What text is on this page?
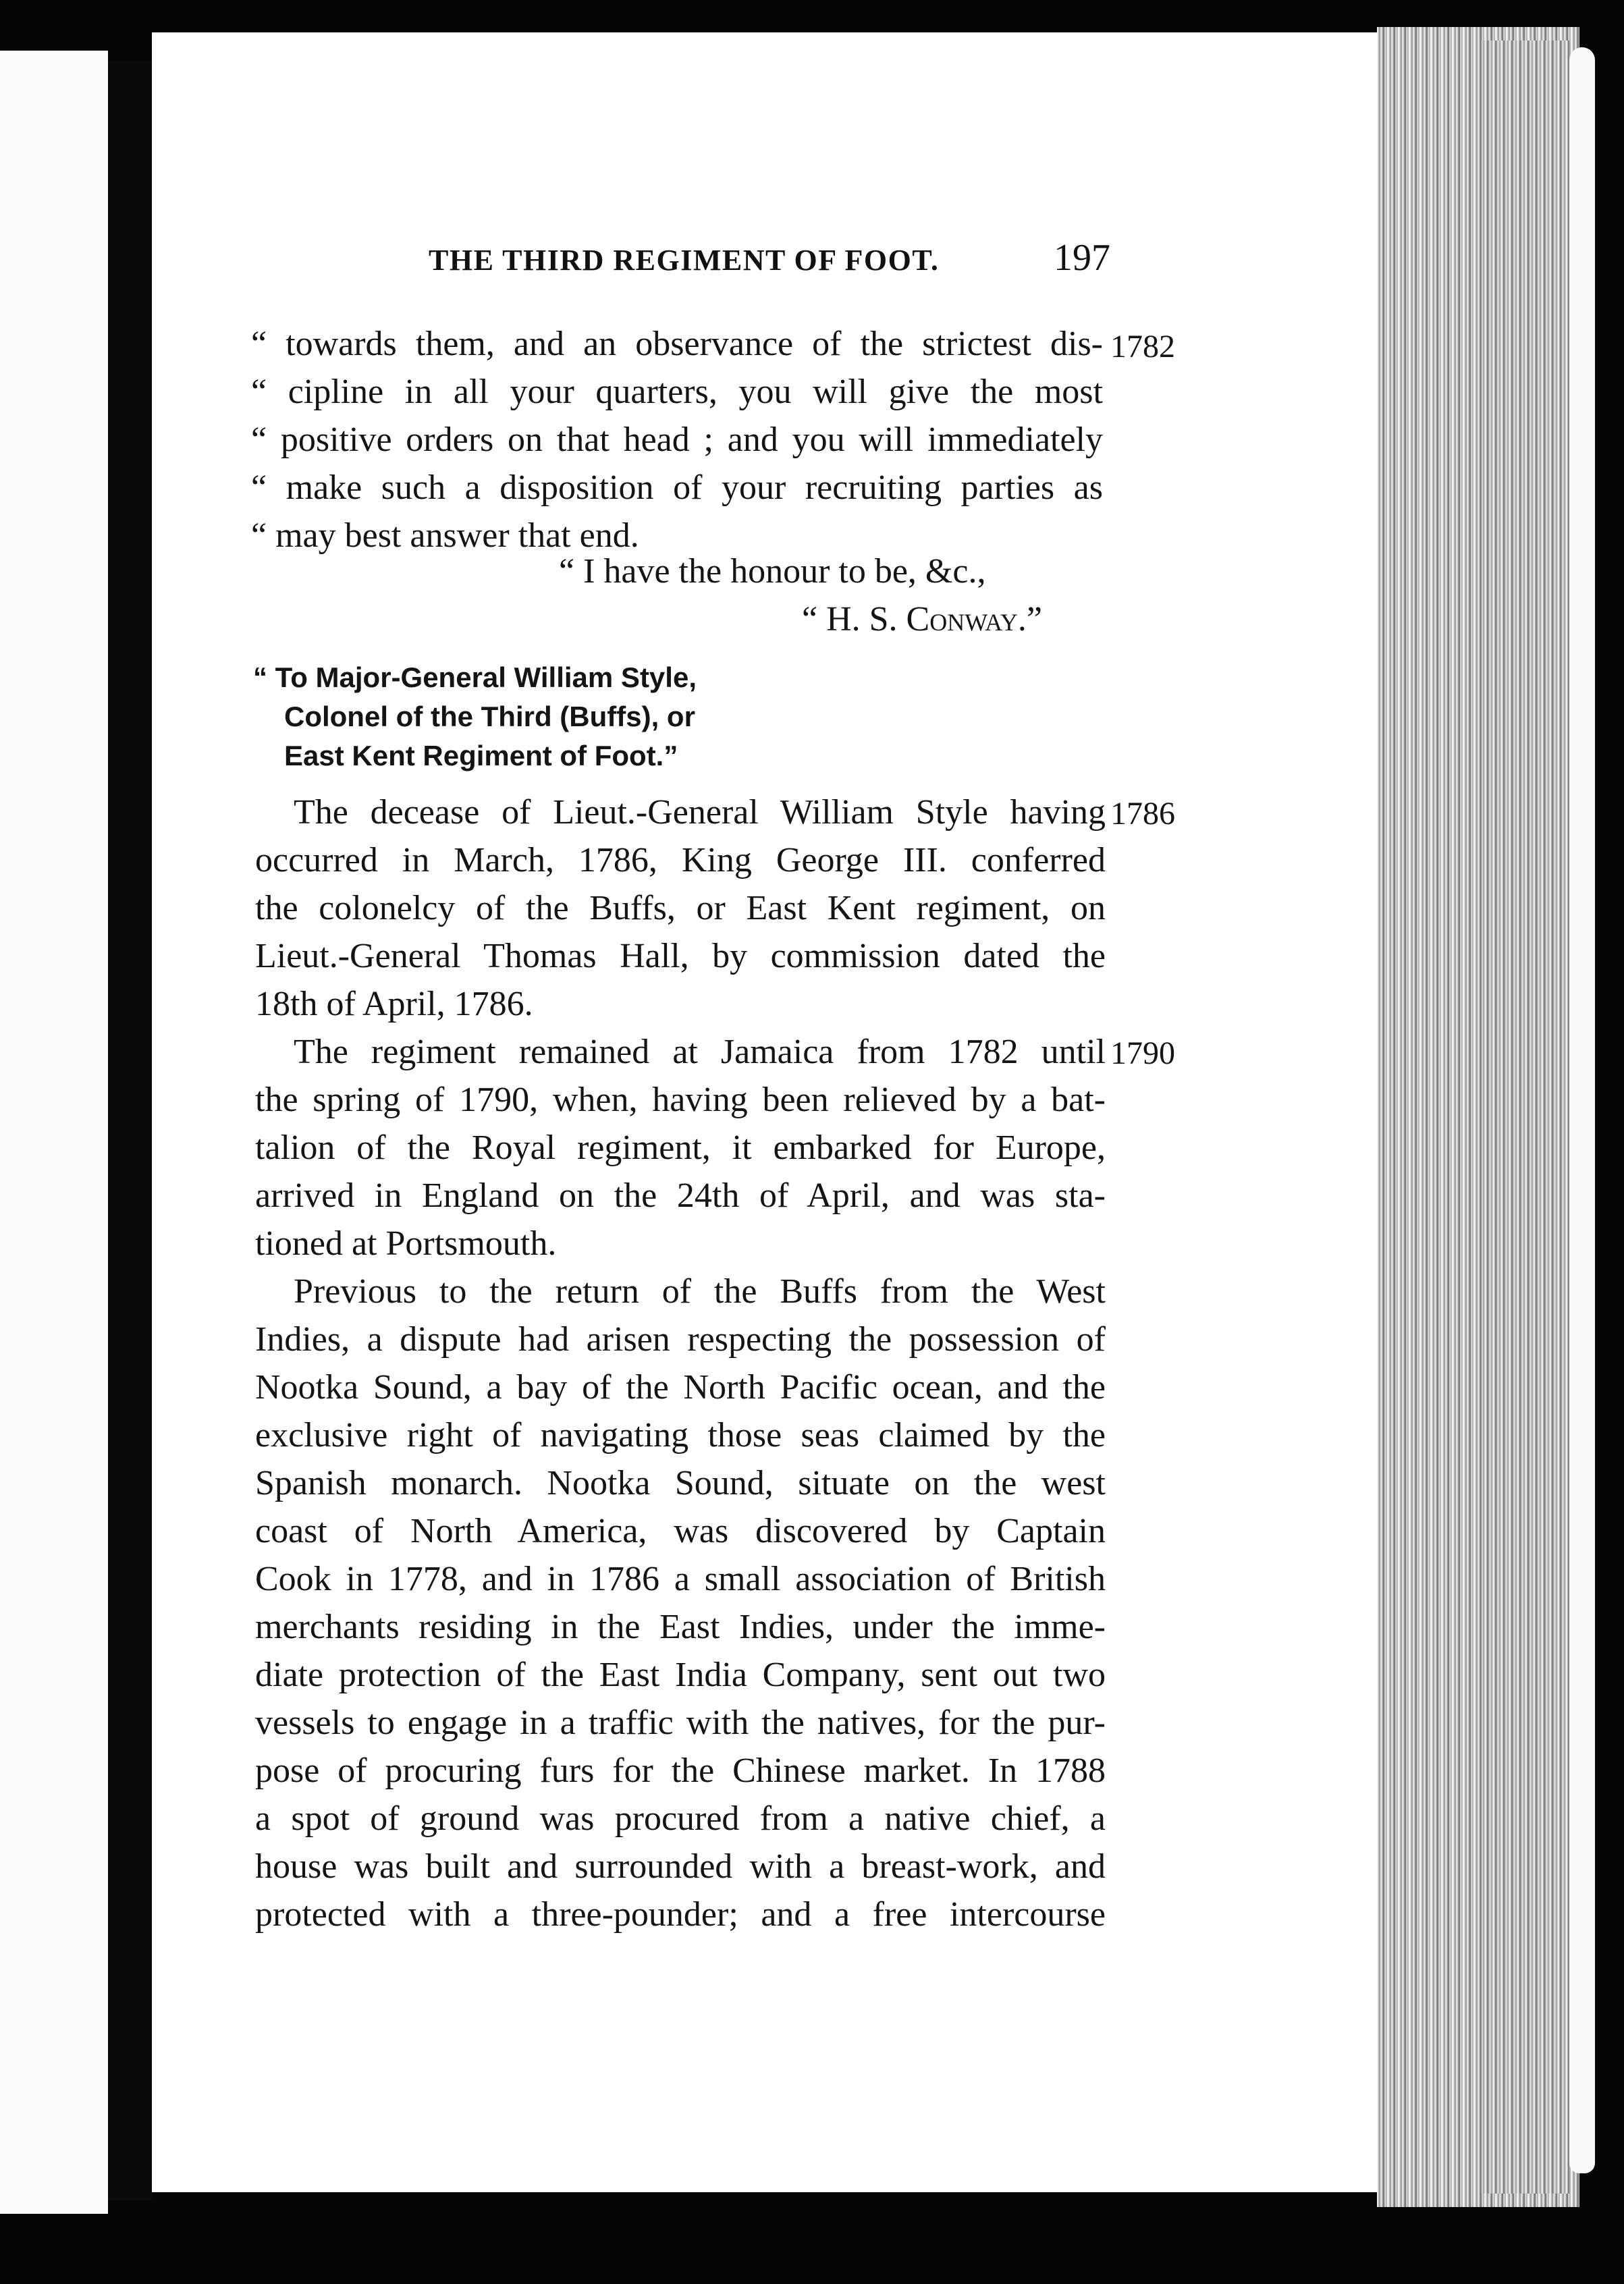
THE THIRD REGIMENT OF FOOT.	197
“ towards them, and an observance of the strictest dis-
“ cipline in all your quarters, you will give the most
“ positive orders on that head ; and you will immediately
“ make such a disposition of your recruiting parties as
“ may best answer that end.
“ I have the honour to be, &c.,
“ H. S. Conway.”
“ To Major-General William Style,
Colonel of the Third (Buffs), or
East Kent Regiment of Foot.”
1782
1786
1790
The decease of Lieut.-General William Style having
occurred in March, 1786, King George III. conferred
the colonelcy of the Buffs, or East Kent regiment, on
Lieut.-General Thomas Hall, by commission dated the
18th of April, 1786.
The regiment remained at Jamaica from 1782 until
the spring of 1790, when, having been relieved by a bat-
talion of the Royal regiment, it embarked for Europe,
arrived in England on the 24th of April, and was sta-
tioned at Portsmouth.
Previous to the return of the Buffs from the West
Indies, a dispute had arisen respecting the possession of
Nootka Sound, a bay of the North Pacific ocean, and the
exclusive right of navigating those seas claimed by the
Spanish monarch. Nootka Sound, situate on the west
coast of North America, was discovered by Captain
Cook in 1778, and in 1786 a small association of British
merchants residing in the East Indies, under the imme-
diate protection of the East India Company, sent out two
vessels to engage in a traffic with the natives, for the pur-
pose of procuring furs for the Chinese market. In 1788
a spot of ground was procured from a native chief, a
house was built and surrounded with a breast-work, and
protected with a three-pounder; and a free intercourse
